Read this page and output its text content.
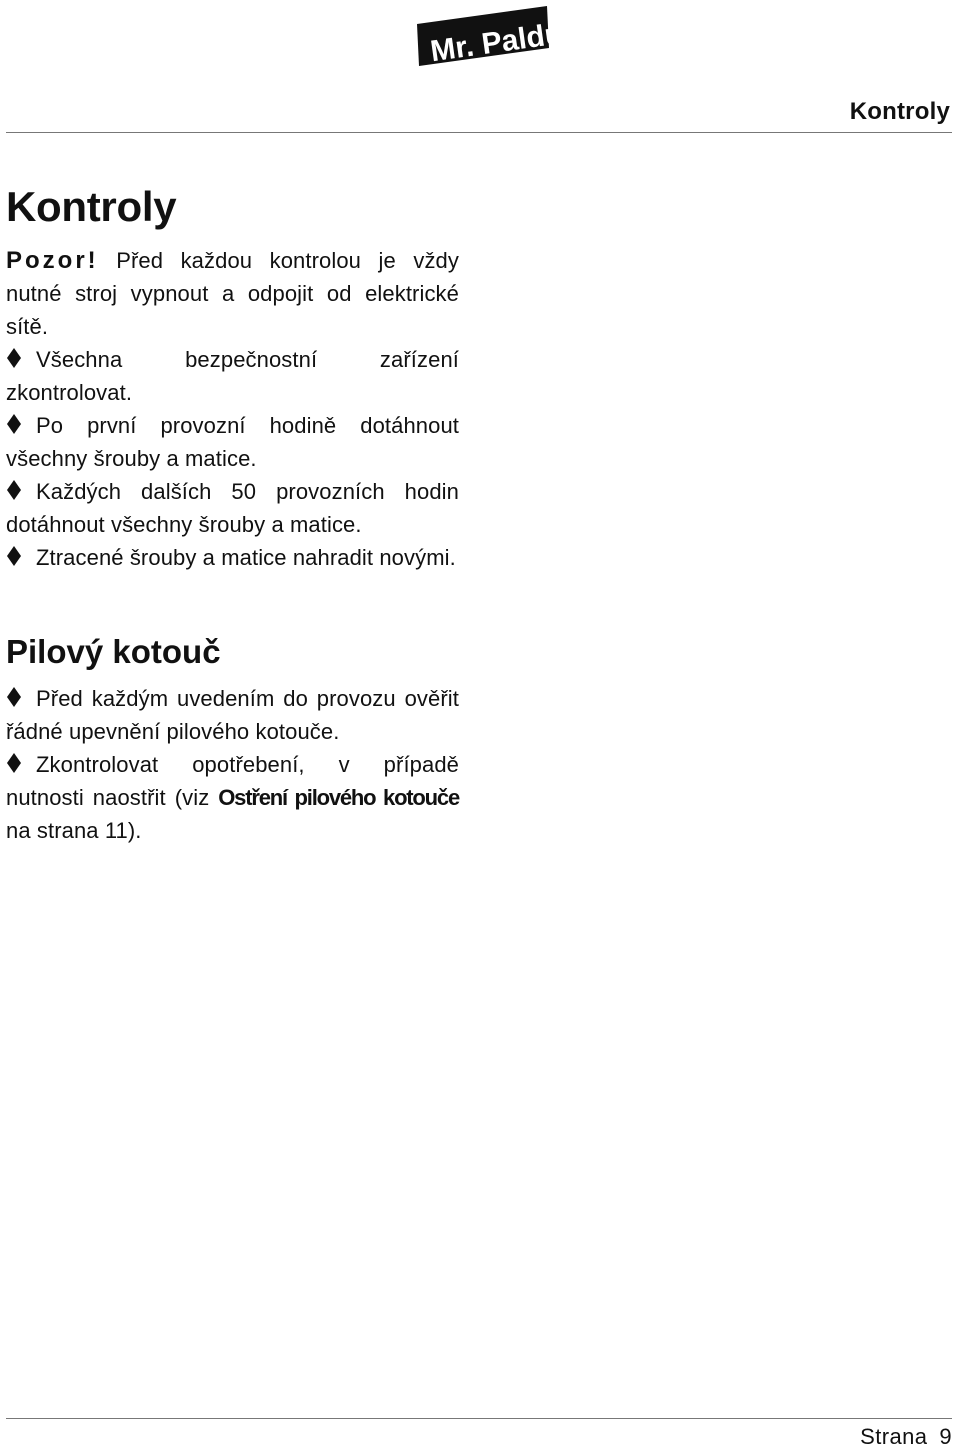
Mr. Paldu
Kontroly
Kontroly

Pozor! Před každou kontrolou je vždy nutné stroj vypnout a odpojit od elektrické sítě.

Všechna bezpečnostní zařízení zkontrolovat.

Po první provozní hodině dotáhnout všechny šrouby a matice.

Každých dalších 50 provozních hodin dotáhnout všechny šrouby a matice.

Ztracené šrouby a matice nahradit novými.

Pilový kotouč

Před každým uvedením do provozu ověřit řádné upevnění pilového kotouče.

Zkontrolovat opotřebení, v případě nutnosti naostřit (viz Ostření pilového kotouče na strana 11).

Strana 9
